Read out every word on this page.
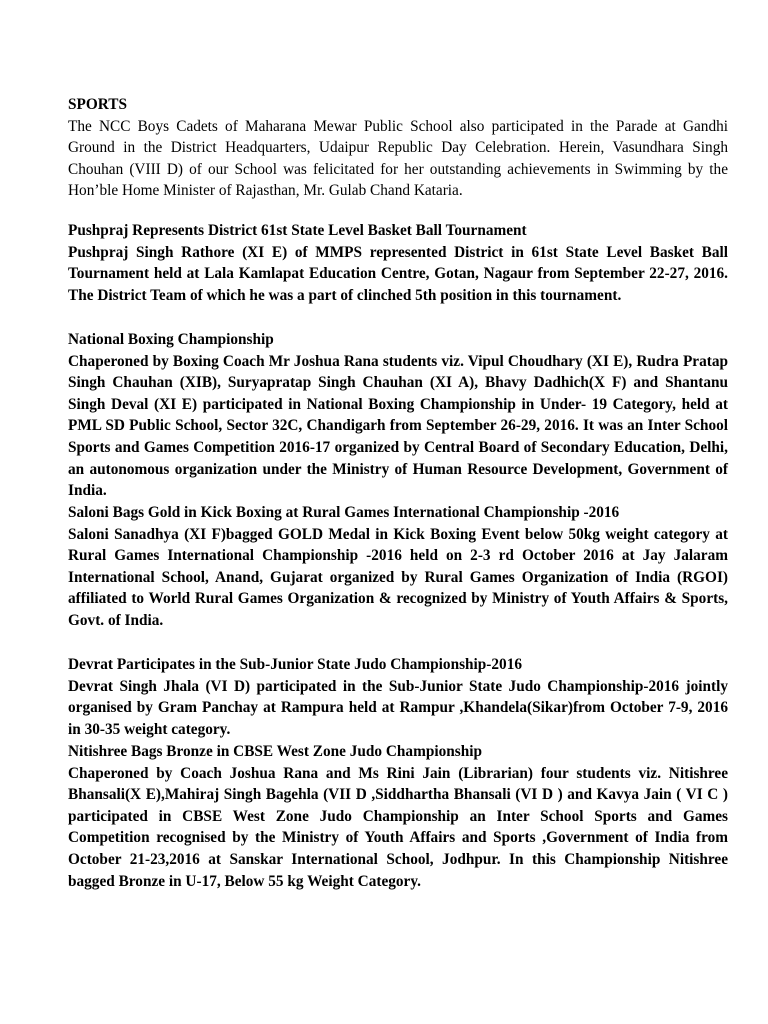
SPORTS

The NCC Boys Cadets of Maharana Mewar Public School also participated in the Parade at Gandhi Ground in the District Headquarters, Udaipur Republic Day Celebration. Herein, Vasundhara Singh Chouhan (VIII D) of our School was felicitated for her outstanding achievements in Swimming by the Hon’ble Home Minister of Rajasthan, Mr. Gulab Chand Kataria.

Pushpraj Represents District 61st State Level Basket Ball Tournament

Pushpraj Singh Rathore (XI E) of MMPS represented District in 61st State Level Basket Ball Tournament held at Lala Kamlapat Education Centre, Gotan, Nagaur from September 22-27, 2016. The District Team of which he was a part of clinched 5th position in this tournament.

National Boxing Championship

Chaperoned by Boxing Coach Mr Joshua Rana students viz. Vipul Choudhary (XI E), Rudra Pratap Singh Chauhan (XIB), Suryapratap Singh Chauhan (XI A), Bhavy Dadhich(X F) and Shantanu Singh Deval (XI E) participated in National Boxing Championship in Under- 19 Category, held at PML SD Public School, Sector 32C, Chandigarh from September 26-29, 2016. It was an Inter School Sports and Games Competition 2016-17 organized by Central Board of Secondary Education, Delhi, an autonomous organization under the Ministry of Human Resource Development, Government of India.

Saloni Bags Gold in Kick Boxing at Rural Games International Championship -2016

Saloni Sanadhya (XI F)bagged GOLD Medal in Kick Boxing Event below 50kg weight category at Rural Games International Championship -2016 held on 2-3 rd October 2016 at Jay Jalaram International School, Anand, Gujarat organized by Rural Games Organization of India (RGOI) affiliated to World Rural Games Organization & recognized by Ministry of Youth Affairs & Sports, Govt. of India.

Devrat Participates in the Sub-Junior State Judo Championship-2016

Devrat Singh Jhala (VI D) participated in the Sub-Junior State Judo Championship-2016 jointly organised by Gram Panchay at Rampura held at Rampur ,Khandela(Sikar)from October 7-9, 2016 in 30-35 weight category.

Nitishree Bags Bronze in CBSE West Zone Judo Championship

Chaperoned by Coach Joshua Rana and Ms Rini Jain (Librarian) four students viz. Nitishree Bhansali(X E),Mahiraj Singh Bagehla (VII D ,Siddhartha Bhansali (VI D ) and Kavya Jain ( VI C ) participated in CBSE West Zone Judo Championship an Inter School Sports and Games Competition recognised by the Ministry of Youth Affairs and Sports ,Government of India from October 21-23,2016 at Sanskar International School, Jodhpur. In this Championship Nitishree bagged Bronze in U-17, Below 55 kg Weight Category.
